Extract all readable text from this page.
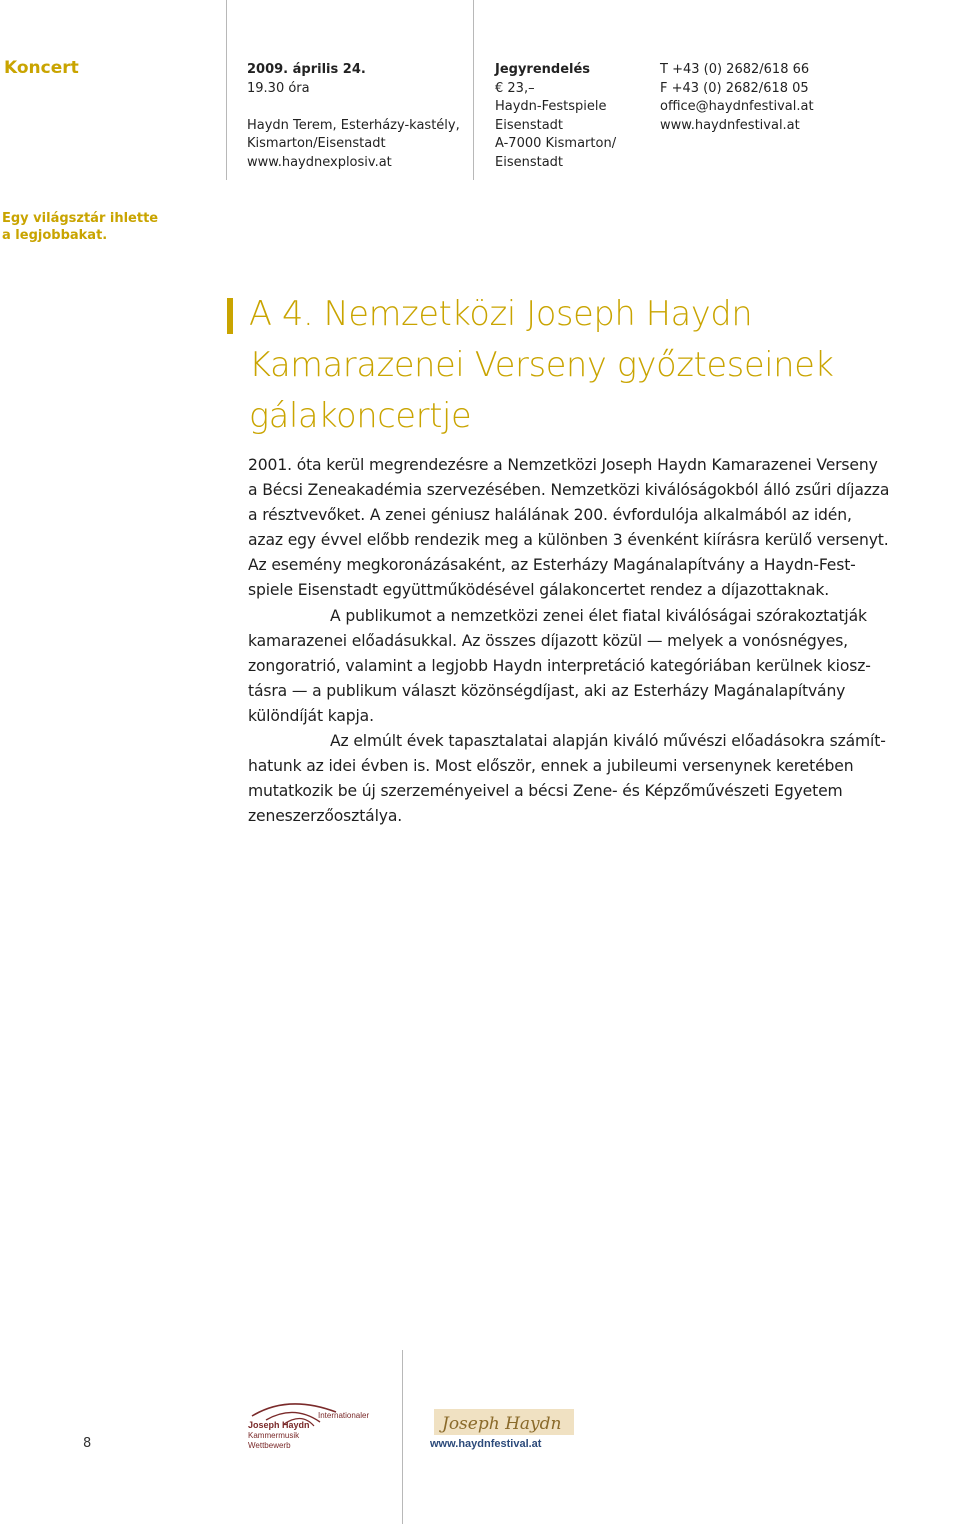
Koncert	2009. április 24.
19.30 óra
Haydn Terem, Esterházy-kastély,
Kismarton/Eisenstadt
www.haydnexplosiv.at
Jegyrendelés
€ 23,–
Haydn-Festspiele
Eisenstadt
A-7000 Kismarton/
Eisenstadt
T +43 (0) 2682/618 66
F +43 (0) 2682/618 05
office@haydnfestival.at
www.haydnfestival.at
Egy világsztár ihlette
a legjobbakat.
A 4. Nemzetközi Joseph Haydn
Kamarazenei Verseny győzteseinek
gálakoncertje
2001. óta kerül megrendezésre a Nemzetközi Joseph Haydn Kamarazenei Verseny
a Bécsi Zeneakadémia szervezésében. Nemzetközi kiválóságokból álló zsűri díjazza
a résztvevőket. A zenei géniusz halálának 200. évfordulója alkalmából az idén,
azaz egy évvel előbb rendezik meg a különben 3 évenként kiírásra kerülő versenyt.
Az esemény megkoronázásaként, az Esterházy Magánalapítvány a Haydn-Fest-
spiele Eisenstadt együttműködésével gálakoncertet rendez a díjazottaknak.
A publikumot a nemzetközi zenei élet fiatal kiválóságai szórakoztatják
kamarazenei előadásukkal. Az összes díjazott közül — melyek a vonósnégyes,
zongoratrió, valamint a legjobb Haydn interpretáció kategóriában kerülnek kiosz-
tásra — a publikum választ közönségdíjast, aki az Esterházy Magánalapítvány
különdíját kapja.
Az elmúlt évek tapasztalatai alapján kiváló művészi előadásokra számít-
hatunk az idei évben is. Most először, ennek a jubileumi versenynek keretében
mutatkozik be új szerzeményeivel a bécsi Zene- és Képzőművészeti Egyetem
zeneszerzőosztálya.
Internationaler
Joseph Haydn
Kammermusik
Wettbewerb
Joseph Haydn
www.haydnfestival.at
8
